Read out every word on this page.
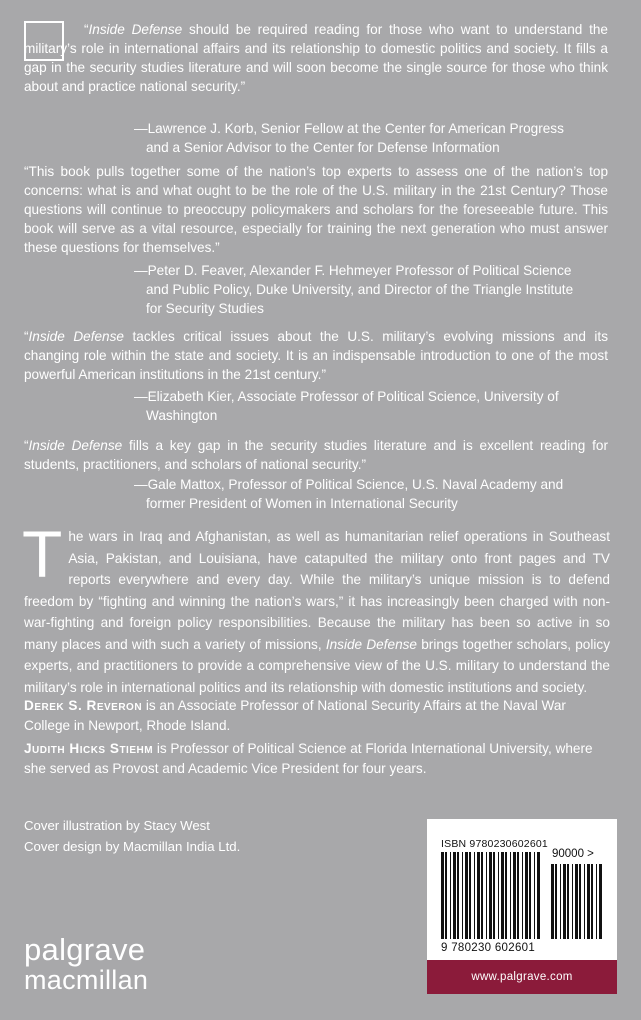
“Inside Defense should be required reading for those who want to understand the military’s role in international affairs and its relationship to domestic politics and society. It fills a gap in the security studies literature and will soon become the single source for those who think about and practice national security.”
—Lawrence J. Korb, Senior Fellow at the Center for American Progress
and a Senior Advisor to the Center for Defense Information
“This book pulls together some of the nation’s top experts to assess one of the nation’s top concerns: what is and what ought to be the role of the U.S. military in the 21st Century? Those questions will continue to preoccupy policymakers and scholars for the foreseeable future. This book will serve as a vital resource, especially for training the next generation who must answer these questions for themselves.”
—Peter D. Feaver, Alexander F. Hehmeyer Professor of Political Science
and Public Policy, Duke University, and Director of the Triangle Institute
for Security Studies
“Inside Defense tackles critical issues about the U.S. military’s evolving missions and its changing role within the state and society. It is an indispensable introduction to one of the most powerful American institutions in the 21st century.”
—Elizabeth Kier, Associate Professor of Political Science, University of
Washington
“Inside Defense fills a key gap in the security studies literature and is excellent reading for students, practitioners, and scholars of national security.”
—Gale Mattox, Professor of Political Science, U.S. Naval Academy and
former President of Women in International Security
The wars in Iraq and Afghanistan, as well as humanitarian relief operations in Southeast Asia, Pakistan, and Louisiana, have catapulted the military onto front pages and TV reports everywhere and every day. While the military’s unique mission is to defend freedom by “fighting and winning the nation’s wars,” it has increasingly been charged with non-war-fighting and foreign policy responsibilities. Because the military has been so active in so many places and with such a variety of missions, Inside Defense brings together scholars, policy experts, and practitioners to provide a comprehensive view of the U.S. military to understand the military’s role in international politics and its relationship with domestic institutions and society.
Derek S. Reveron is an Associate Professor of National Security Affairs at the Naval War College in Newport, Rhode Island.
Judith Hicks Stiehm is Professor of Political Science at Florida International University, where she served as Provost and Academic Vice President for four years.
Cover illustration by Stacy West
Cover design by Macmillan India Ltd.
palgrave
macmillan
ISBN 9780230602601
90000 >
9 780230 602601
www.palgrave.com
